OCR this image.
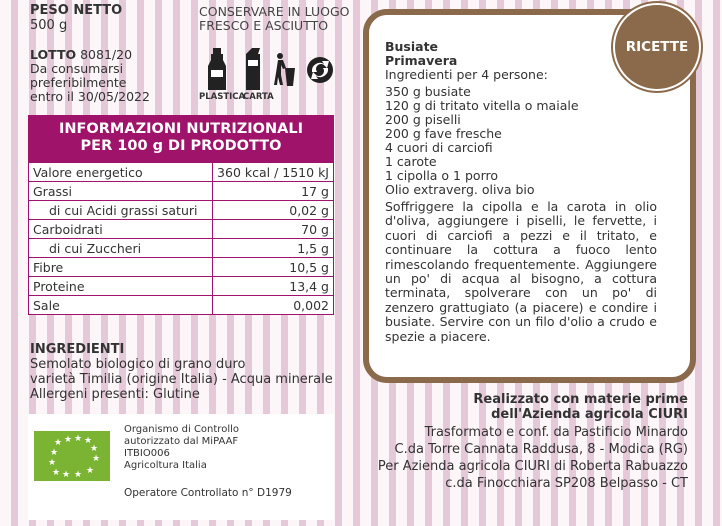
PESO NETTO
500 g
CONSERVARE IN LUOGO
FRESCO E ASCIUTTO
PLASTICA
CARTA
LOTTO 8081/20
Da consumarsi
preferibilmente
entro il 30/05/2022
INFORMAZIONI NUTRIZIONALI
PER 100 g DI PRODOTTO
Valore energetico	360 kcal / 1510 kJ
Grassi	17 g
di cui Acidi grassi saturi	0,02 g
Carboidrati	70 g
di cui Zuccheri	1,5 g
Fibre	10,5 g
Proteine	13,4 g
Sale	0,002
INGREDIENTI
Semolato biologico di grano duro
varietà Timilia (origine Italia) - Acqua minerale
Allergeni presenti: Glutine
★ ★ ★ ★
★	★
★	★
★ ★ ★ ★
Organismo di Controllo
autorizzato dal MiPAAF
ITBIO006
Agricoltura Italia
Operatore Controllato n° D1979
RICETTE
Busiate
Primavera
Ingredienti per 4 persone:
350 g busiate
120 g di tritato vitella o maiale
200 g piselli
200 g fave fresche
4 cuori di carciofi
1 carote
1 cipolla o 1 porro
Olio extraverg. oliva bio
Soffriggere la cipolla e la carota in olio d'oliva, aggiungere i piselli, le fervette, i cuori di carciofi a pezzi e il tritato, e continuare la cottura a fuoco lento rimescolando frequentemente. Aggiungere un po' di acqua al bisogno, a cottura terminata, spolverare con un po' di zenzero grattugiato (a piacere) e condire i busiate. Servire con un filo d'olio a crudo e spezie a piacere.
Realizzato con materie prime
dell'Azienda agricola CIURI
Trasformato e conf. da Pastificio Minardo
C.da Torre Cannata Raddusa, 8 - Modica (RG)
Per Azienda agricola CIURI di Roberta Rabuazzo
c.da Finocchiara SP208 Belpasso - CT
